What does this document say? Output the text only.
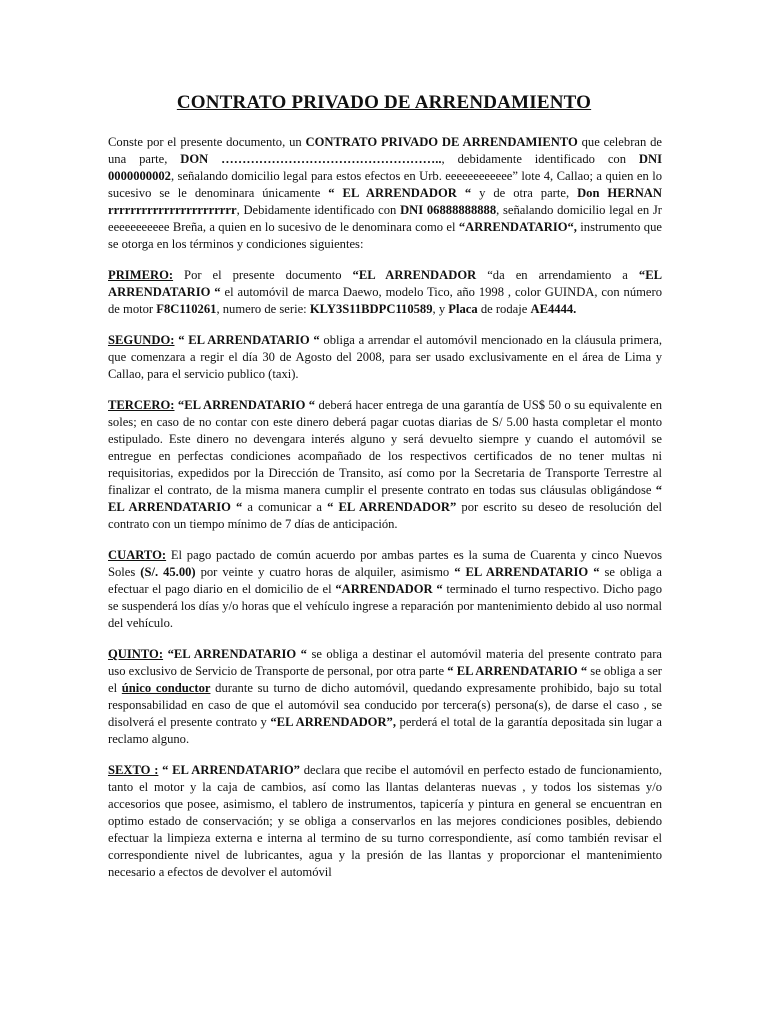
CONTRATO PRIVADO DE ARRENDAMIENTO

Conste por el presente documento, un CONTRATO PRIVADO DE ARRENDAMIENTO que celebran de una parte, DON …………………………………………….., debidamente identificado con DNI 0000000002, señalando domicilio legal para estos efectos en Urb. eeeeeeeeeeee” lote 4, Callao; a quien en lo sucesivo se le denominara únicamente “ EL ARRENDADOR “ y de otra parte, Don HERNAN rrrrrrrrrrrrrrrrrrrrrrr, Debidamente identificado con DNI 06888888888, señalando domicilio legal en Jr eeeeeeeeeee Breña, a quien en lo sucesivo de le denominara como el “ARRENDATARIO“, instrumento que se otorga en los términos y condiciones siguientes:

PRIMERO: Por el presente documento “EL ARRENDADOR “da en arrendamiento a “EL ARRENDATARIO “ el automóvil de marca Daewo, modelo Tico, año 1998 , color GUINDA, con número de motor F8C110261, numero de serie: KLY3S11BDPC110589, y Placa de rodaje AE4444.

SEGUNDO: “ EL ARRENDATARIO “ obliga a arrendar el automóvil mencionado en la cláusula primera, que comenzara a regir el día 30 de Agosto del 2008, para ser usado exclusivamente en el área de Lima y Callao, para el servicio publico (taxi).

TERCERO: “EL ARRENDATARIO “ deberá hacer entrega de una garantía de US$ 50 o su equivalente en soles; en caso de no contar con este dinero deberá pagar cuotas diarias de S/ 5.00 hasta completar el monto estipulado. Este dinero no devengara interés alguno y será devuelto siempre y cuando el automóvil se entregue en perfectas condiciones acompañado de los respectivos certificados de no tener multas ni requisitorias, expedidos por la Dirección de Transito, así como por la Secretaria de Transporte Terrestre al finalizar el contrato, de la misma manera cumplir el presente contrato en todas sus cláusulas obligándose “ EL ARRENDATARIO “ a comunicar a “ EL ARRENDADOR” por escrito su deseo de resolución del contrato con un tiempo mínimo de 7 días de anticipación.

CUARTO: El pago pactado de común acuerdo por ambas partes es la suma de Cuarenta y cinco Nuevos Soles (S/. 45.00) por veinte y cuatro horas de alquiler, asimismo “ EL ARRENDATARIO “ se obliga a efectuar el pago diario en el domicilio de el “ARRENDADOR “ terminado el turno respectivo. Dicho pago se suspenderá los días y/o horas que el vehículo ingrese a reparación por mantenimiento debido al uso normal del vehículo.

QUINTO: “EL ARRENDATARIO “ se obliga a destinar el automóvil materia del presente contrato para uso exclusivo de Servicio de Transporte de personal, por otra parte “ EL ARRENDATARIO “ se obliga a ser el único conductor durante su turno de dicho automóvil, quedando expresamente prohibido, bajo su total responsabilidad en caso de que el automóvil sea conducido por tercera(s) persona(s), de darse el caso , se disolverá el presente contrato y “EL ARRENDADOR”, perderá el total de la garantía depositada sin lugar a reclamo alguno.

SEXTO : “ EL ARRENDATARIO” declara que recibe el automóvil en perfecto estado de funcionamiento, tanto el motor y la caja de cambios, así como las llantas delanteras nuevas , y todos los sistemas y/o accesorios que posee, asimismo, el tablero de instrumentos, tapicería y pintura en general se encuentran en optimo estado de conservación; y se obliga a conservarlos en las mejores condiciones posibles, debiendo efectuar la limpieza externa e interna al termino de su turno correspondiente, así como también revisar el correspondiente nivel de lubricantes, agua y la presión de las llantas y proporcionar el mantenimiento necesario a efectos de devolver el automóvil
